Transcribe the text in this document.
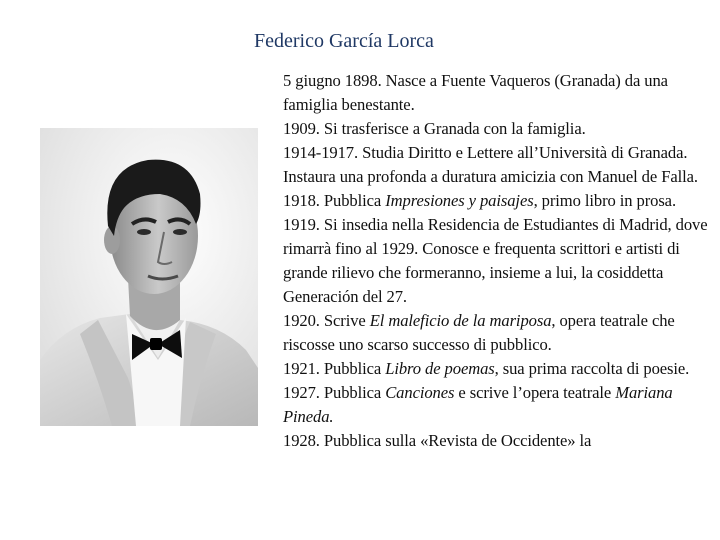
Federico García Lorca
5 giugno 1898. Nasce a Fuente Vaqueros (Granada) da una famiglia benestante.
1909. Si trasferisce a Granada con la famiglia.
1914-1917. Studia Diritto e Lettere all’Università di Granada. Instaura una profonda a duratura amicizia con Manuel de Falla.
1918. Pubblica Impresiones y paisajes, primo libro in prosa.
1919. Si insedia nella Residencia de Estudiantes di Madrid, dove rimarrà fino al 1929. Conosce e frequenta scrittori e artisti di grande rilievo che formeranno, insieme a lui, la cosiddetta Generación del 27.
1920. Scrive El maleficio de la mariposa, opera teatrale che riscosse uno scarso successo di pubblico.
1921. Pubblica Libro de poemas, sua prima raccolta di poesie.
1927. Pubblica Canciones e scrive l’opera teatrale Mariana Pineda.
1928. Pubblica sulla «Revista de Occidente» la
